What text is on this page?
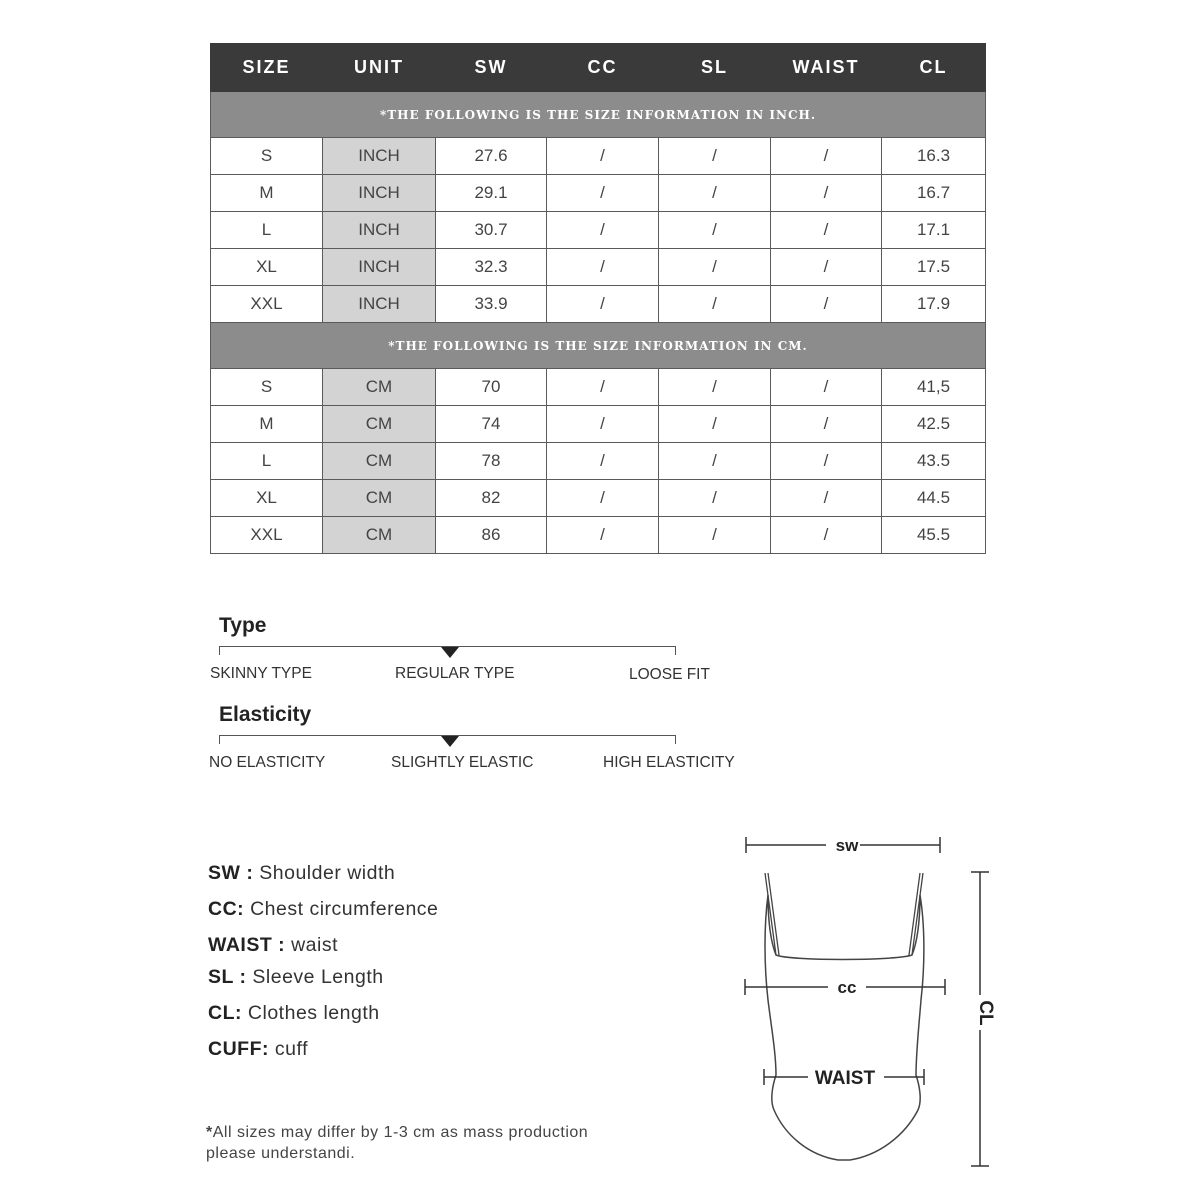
SIZE	UNIT	SW	CC	SL	WAIST	CL
*THE FOLLOWING IS THE SIZE INFORMATION IN INCH.						
S	INCH	27.6	/	/	/	16.3
M	INCH	29.1	/	/	/	16.7
L	INCH	30.7	/	/	/	17.1
XL	INCH	32.3	/	/	/	17.5
XXL	INCH	33.9	/	/	/	17.9
*THE FOLLOWING IS THE SIZE INFORMATION IN CM.						
S	CM	70	/	/	/	41,5
M	CM	74	/	/	/	42.5
L	CM	78	/	/	/	43.5
XL	CM	82	/	/	/	44.5
XXL	CM	86	/	/	/	45.5
Type
SKINNY TYPE	REGULAR TYPE	LOOSE FIT
Elasticity
NO ELASTICITY	SLIGHTLY ELASTIC	HIGH ELASTICITY
SW : Shoulder width
CC: Chest circumference
WAIST : waist
SL : Sleeve Length
CL: Clothes length
CUFF: cuff
*All sizes may differ by 1-3 cm as mass production
please understandi.
sw
cc
WAIST
CL
